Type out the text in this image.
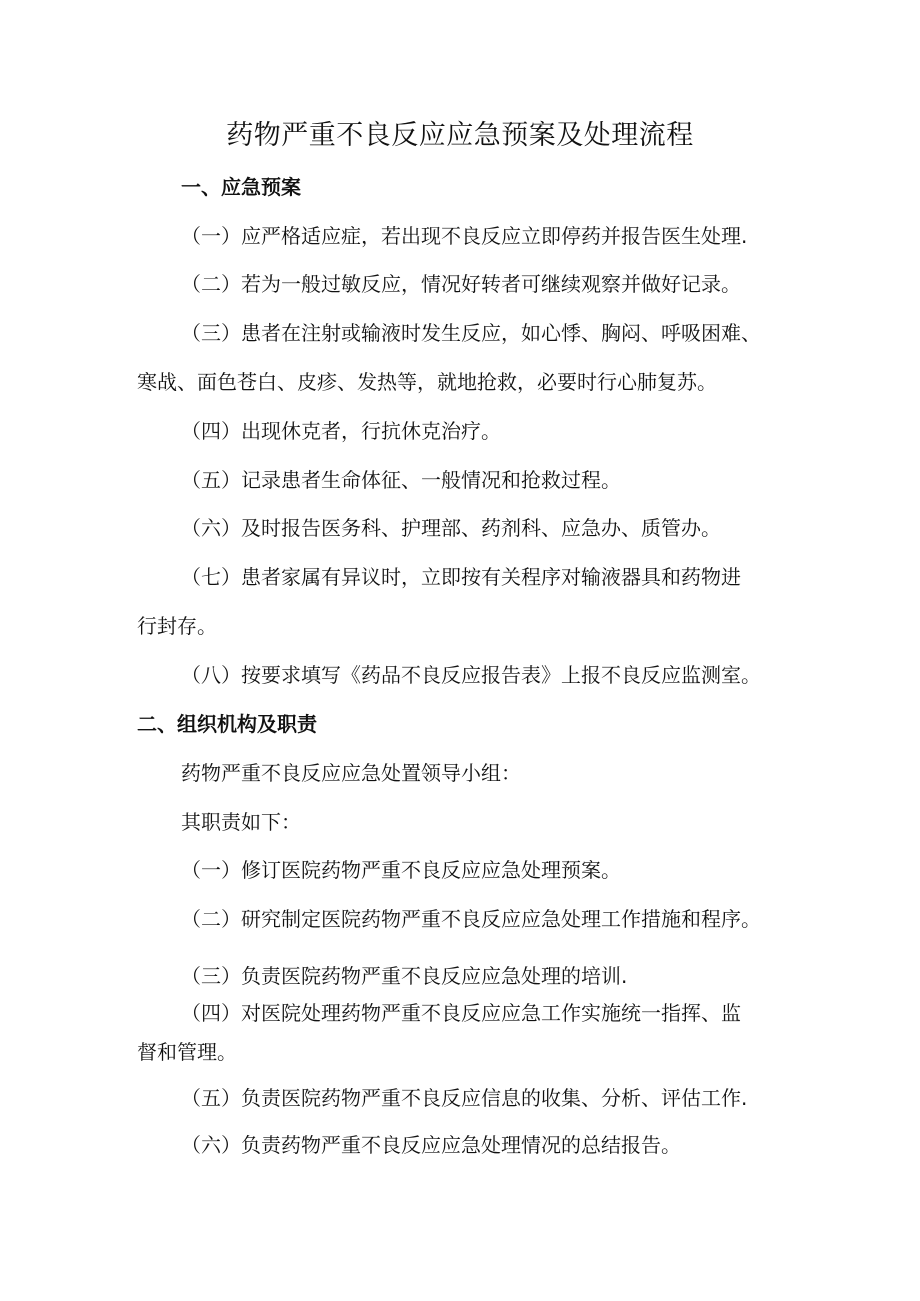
药物严重不良反应应急预案及处理流程
一、应急预案
（一）应严格适应症，若出现不良反应立即停药并报告医生处理.
（二）若为一般过敏反应，情况好转者可继续观察并做好记录。
（三）患者在注射或输液时发生反应，如心悸、胸闷、呼吸困难、
寒战、面色苍白、皮疹、发热等，就地抢救，必要时行心肺复苏。
（四）出现休克者，行抗休克治疗。
（五）记录患者生命体征、一般情况和抢救过程。
（六）及时报告医务科、护理部、药剂科、应急办、质管办。
（七）患者家属有异议时，立即按有关程序对输液器具和药物进
行封存。
（八）按要求填写《药品不良反应报告表》上报不良反应监测室。
二、组织机构及职责
药物严重不良反应应急处置领导小组：
其职责如下：
（一）修订医院药物严重不良反应应急处理预案。
（二）研究制定医院药物严重不良反应应急处理工作措施和程序。
（三）负责医院药物严重不良反应应急处理的培训.
（四）对医院处理药物严重不良反应应急工作实施统一指挥、监
督和管理。
（五）负责医院药物严重不良反应信息的收集、分析、评估工作.
（六）负责药物严重不良反应应急处理情况的总结报告。
